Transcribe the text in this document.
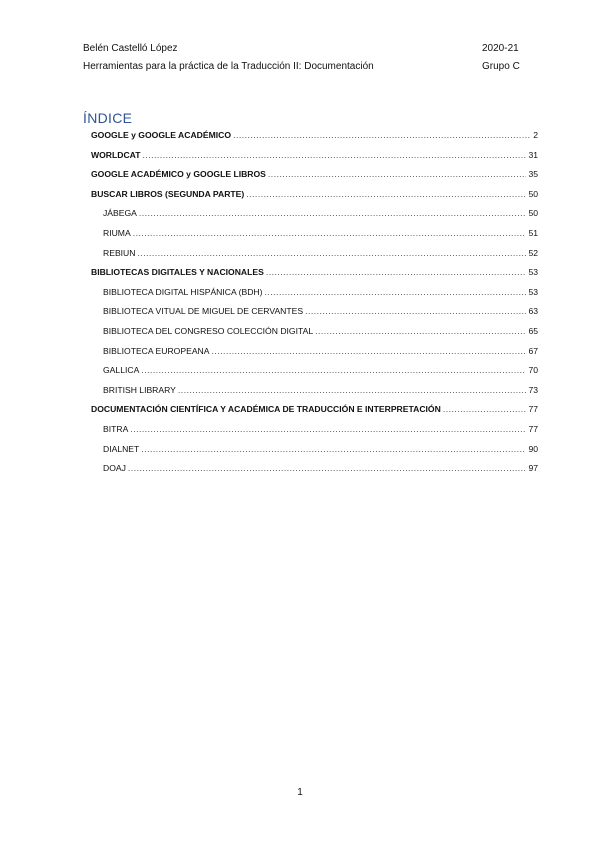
Belén Castelló López	2020-21
Herramientas para la práctica de la Traducción II: Documentación	Grupo C
ÍNDICE
GOOGLE y GOOGLE ACADÉMICO .....	2
WORLDCAT .....	31
GOOGLE ACADÉMICO y GOOGLE LIBROS .....	35
BUSCAR LIBROS (SEGUNDA PARTE) .....	50
JÁBEGA .....	50
RIUMA .....	51
REBIUN .....	52
BIBLIOTECAS DIGITALES Y NACIONALES .....	53
BIBLIOTECA DIGITAL HISPÁNICA (BDH) .....	53
BIBLIOTECA VITUAL DE MIGUEL DE CERVANTES .....	63
BIBLIOTECA DEL CONGRESO COLECCIÓN DIGITAL .....	65
BIBLIOTECA EUROPEANA .....	67
GALLICA .....	70
BRITISH LIBRARY .....	73
DOCUMENTACIÓN CIENTÍFICA Y ACADÉMICA DE TRADUCCIÓN E INTERPRETACIÓN .....	77
BITRA .....	77
DIALNET .....	90
DOAJ .....	97
1
